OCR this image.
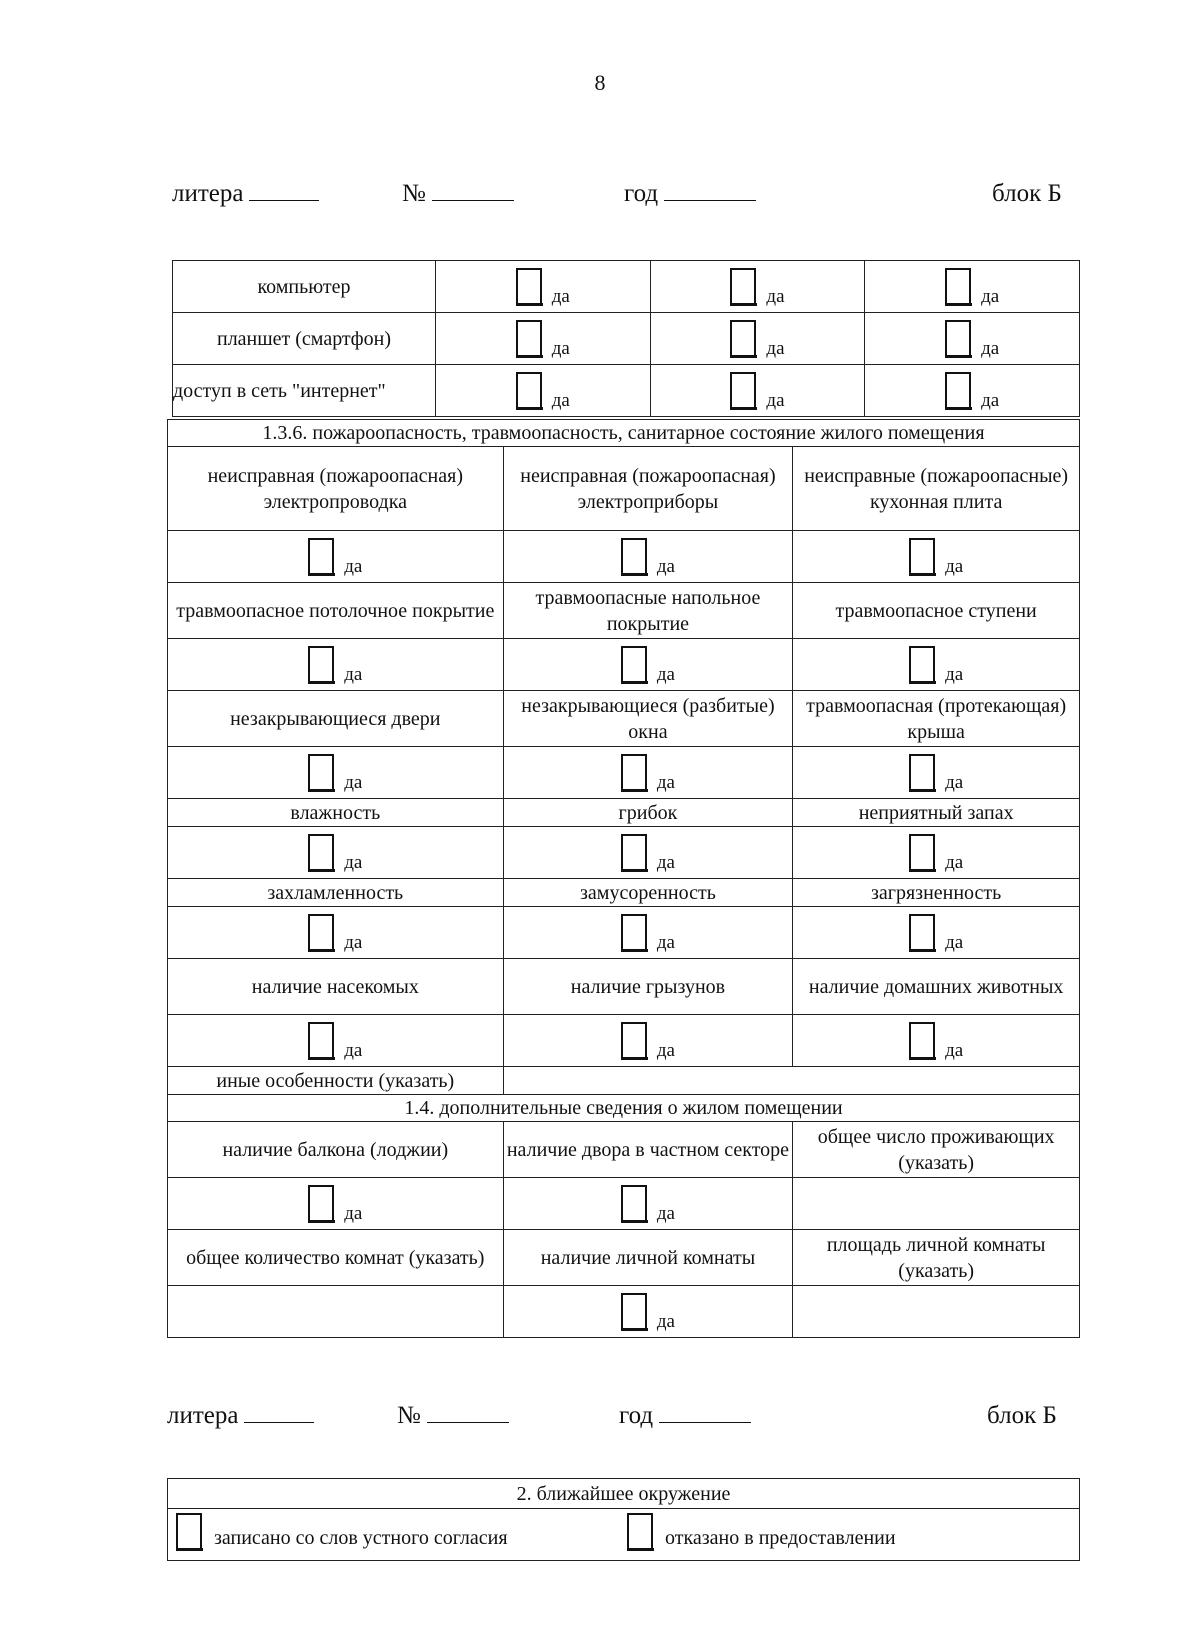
8
литера	№	год	блок Б
компьютер	да	да	да
планшет (смартфон)	да	да	да
доступ в сеть "интернет"	да	да	да
1.3.6. пожароопасность, травмоопасность, санитарное состояние жилого помещения		
неисправная (пожароопасная) электропроводка	неисправная (пожароопасная) электроприборы	неисправные (пожароопасные) кухонная плита
да	да	да
травмоопасное потолочное покрытие	травмоопасные напольное покрытие	травмоопасное ступени
да	да	да
незакрывающиеся двери	незакрывающиеся (разбитые) окна	травмоопасная (протекающая) крыша
да	да	да
влажность	грибок	неприятный запах
да	да	да
захламленность	замусоренность	загрязненность
да	да	да
наличие насекомых	наличие грызунов	наличие домашних животных
да	да	да
иные особенности (указать)		
1.4. дополнительные сведения о жилом помещении		
наличие балкона (лоджии)	наличие двора в частном секторе	общее число проживающих (указать)
да	да	
общее количество комнат (указать)	наличие личной комнаты	площадь личной комнаты (указать)
	да	
литера	№	год	блок Б
2. ближайшее окружение
записано со слов устного согласия	отказано в предоставлении
